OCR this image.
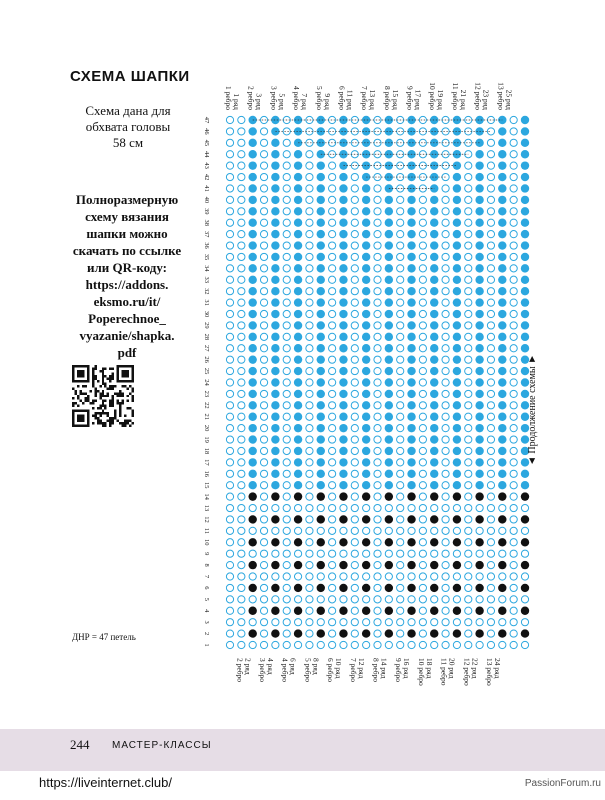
СХЕМА ШАПКИ
Схема дана для
обхвата головы
58 см
Полноразмерную
схему вязания
шапки можно
скачать по ссылке
или QR-коду:
https://addons.
eksmo.ru/it/
Poperechnoe_
vyazanie/shapka.
pdf
ДНР = 47 петель
1
2
3
4
5
6
7
8
9
10
11
12
13
14
15
16
17
18
19
20
21
22
23
24
25
26
27
28
29
30
31
32
33
34
35
36
37
38
39
40
41
42
43
44
45
46
47
1 ряд
1 ребро	3 ряд
2 ребро	5 ряд
3 ребро	7 ряд
4 ребро	9 ряд
5 ребро	11 ряд
6 ребро	13 ряд
7 ребро	15 ряд
8 ребро	17 ряд
9 ребро	19 ряд
10 ребро	21 ряд
11 ребро	23 ряд
12 ребро	25 ряд
13 ребро
2 ряд
2 ребро	4 ряд
3 ребро	6 ряд
4 ребро	8 ряд
5 ребро	10 ряд
6 ребро	12 ряд
7 ребро	14 ряд
8 ребро	16 ряд
9 ребро	18 ряд
10 ребро	20 ряд
11 ребро	22 ряд
12 ребро	24 ряд
13 ребро
◄ Продолжение схемы ►
244 МАСТЕР-КЛАССЫ
https://liveinternet.club/	PassionForum.ru
